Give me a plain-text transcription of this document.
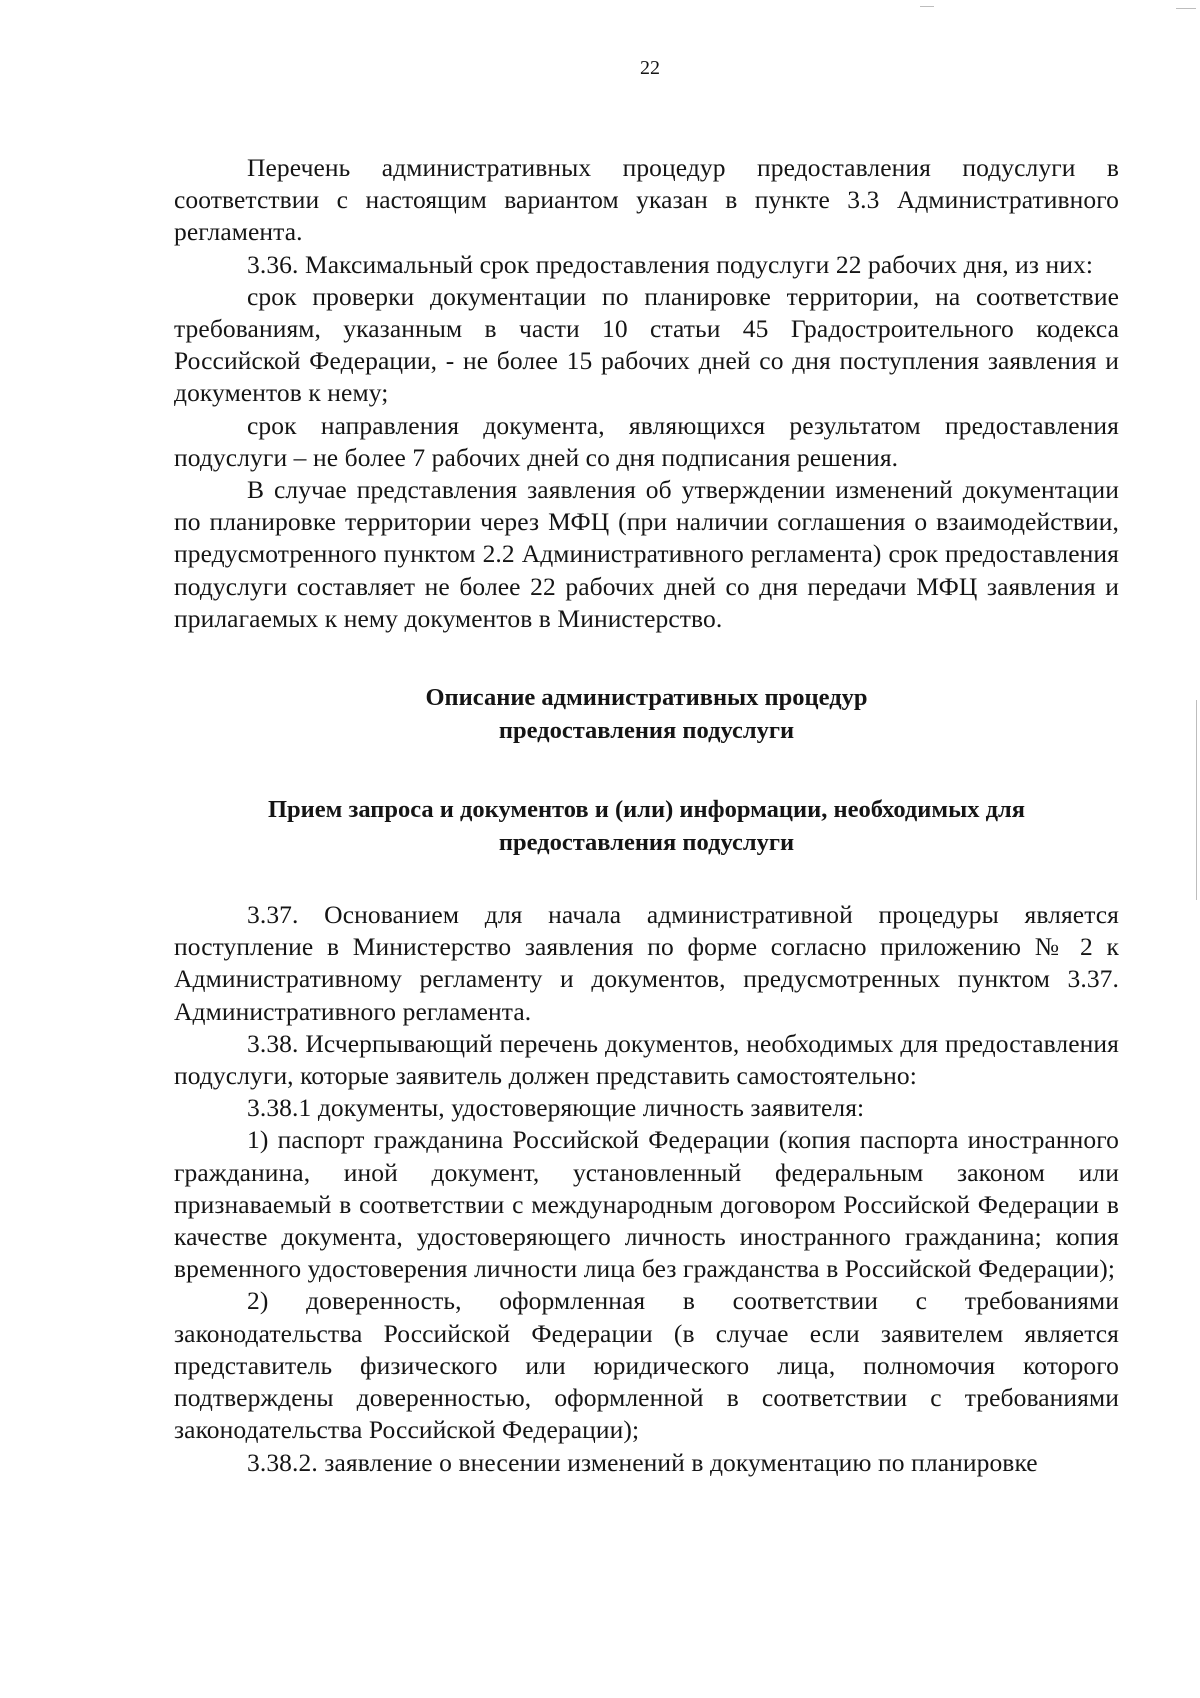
22

Перечень административных процедур предоставления подуслуги в соответствии с настоящим вариантом указан в пункте 3.3 Административного регламента.

3.36. Максимальный срок предоставления подуслуги 22 рабочих дня, из них:

срок проверки документации по планировке территории, на соответствие требованиям, указанным в части 10 статьи 45 Градостроительного кодекса Российской Федерации, - не более 15 рабочих дней со дня поступления заявления и документов к нему;

срок направления документа, являющихся результатом предоставления подуслуги – не более 7 рабочих дней со дня подписания решения.

В случае представления заявления об утверждении изменений документации по планировке территории через МФЦ (при наличии соглашения о взаимодействии, предусмотренного пунктом 2.2 Административного регламента) срок предоставления подуслуги составляет не более 22 рабочих дней со дня передачи МФЦ заявления и прилагаемых к нему документов в Министерство.

Описание административных процедур
предоставления подуслуги
Прием запроса и документов и (или) информации, необходимых для
предоставления подуслуги

3.37. Основанием для начала административной процедуры является поступление в Министерство заявления по форме согласно приложению № 2 к Административному регламенту и документов, предусмотренных пунктом 3.37. Административного регламента.

3.38. Исчерпывающий перечень документов, необходимых для предоставления подуслуги, которые заявитель должен представить самостоятельно:

3.38.1 документы, удостоверяющие личность заявителя:

1) паспорт гражданина Российской Федерации (копия паспорта иностранного гражданина, иной документ, установленный федеральным законом или признаваемый в соответствии с международным договором Российской Федерации в качестве документа, удостоверяющего личность иностранного гражданина; копия временного удостоверения личности лица без гражданства в Российской Федерации);

2) доверенность, оформленная в соответствии с требованиями законодательства Российской Федерации (в случае если заявителем является представитель физического или юридического лица, полномочия которого подтверждены доверенностью, оформленной в соответствии с требованиями законодательства Российской Федерации);

3.38.2. заявление о внесении изменений в документацию по планировке
